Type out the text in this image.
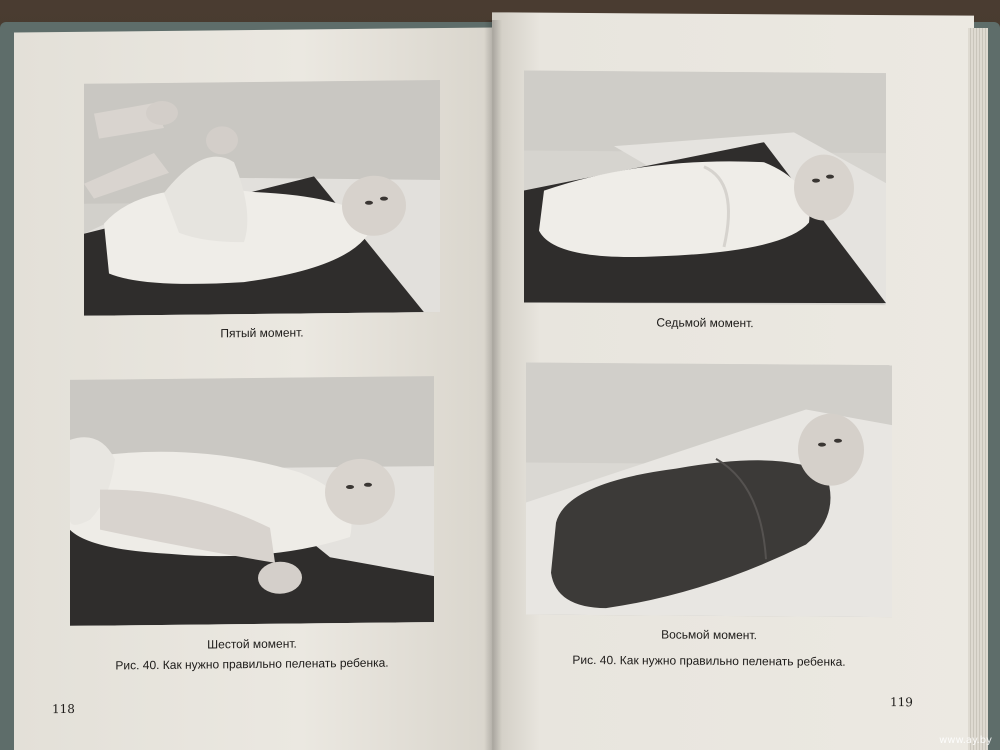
Пятый момент.
Шестой момент.
Рис. 40. Как нужно правильно пеленать ребенка.
118
Седьмой момент.
Восьмой момент.
Рис. 40. Как нужно правильно пеленать ребенка.
119
www.ay.by
